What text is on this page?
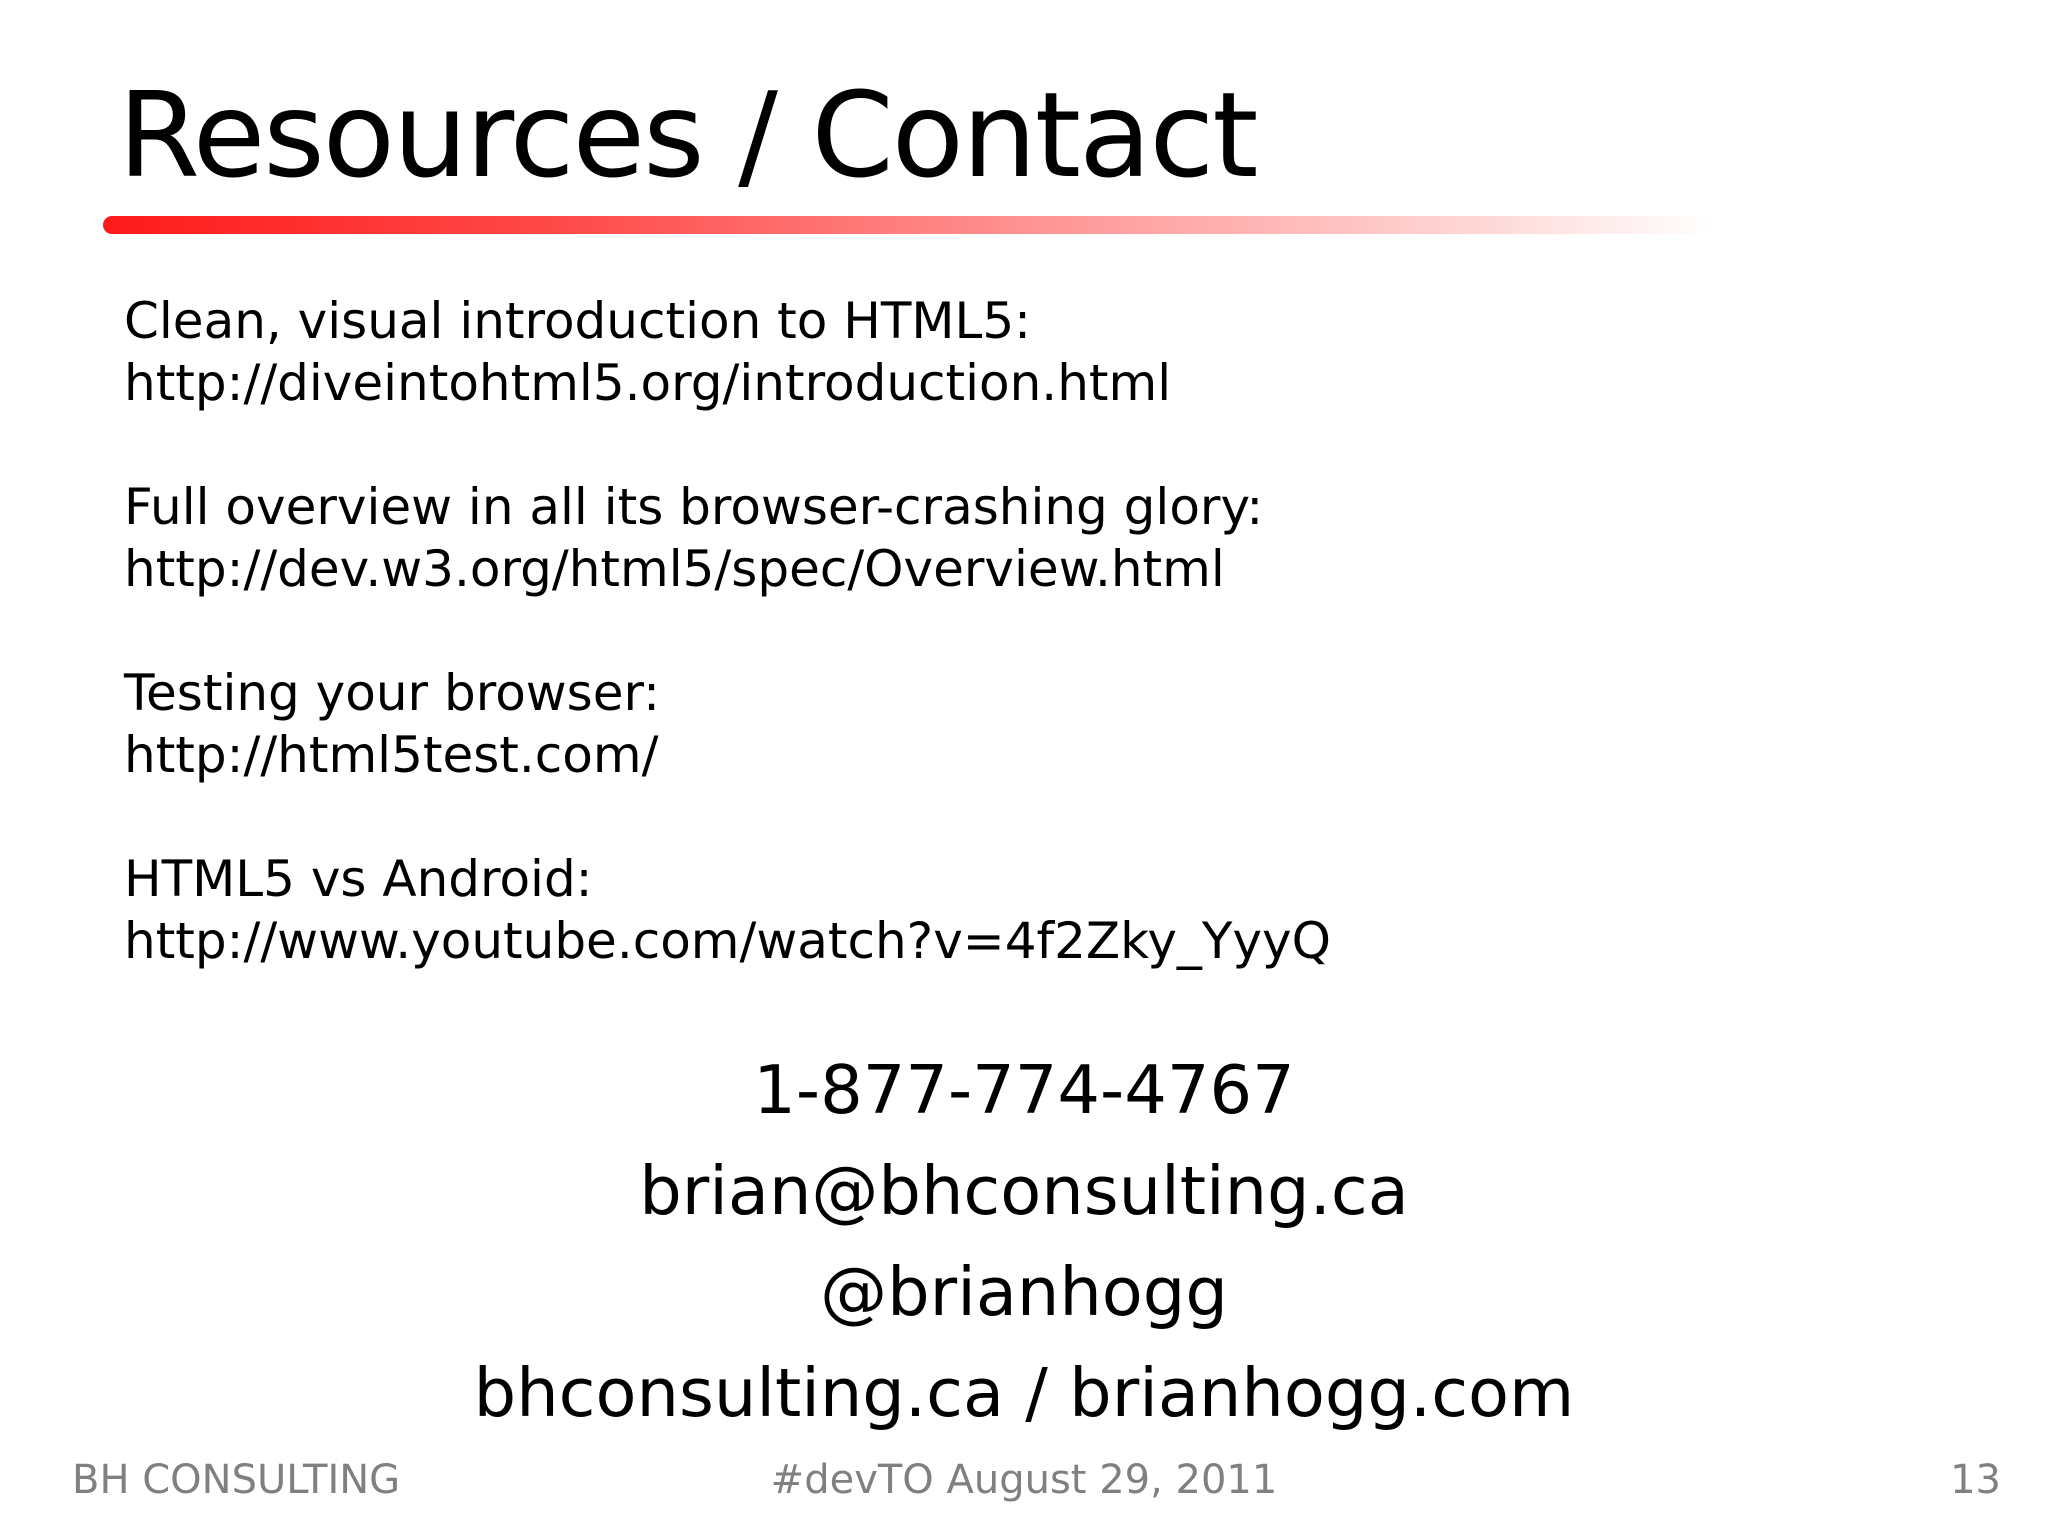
Resources / Contact
Clean, visual introduction to HTML5:
http://diveintohtml5.org/introduction.html
Full overview in all its browser-crashing glory:
http://dev.w3.org/html5/spec/Overview.html
Testing your browser:
http://html5test.com/
HTML5 vs Android:
http://www.youtube.com/watch?v=4f2Zky_YyyQ
1-877-774-4767
brian@bhconsulting.ca
@brianhogg
bhconsulting.ca / brianhogg.com
BH CONSULTING	#devTO August 29, 2011	13
